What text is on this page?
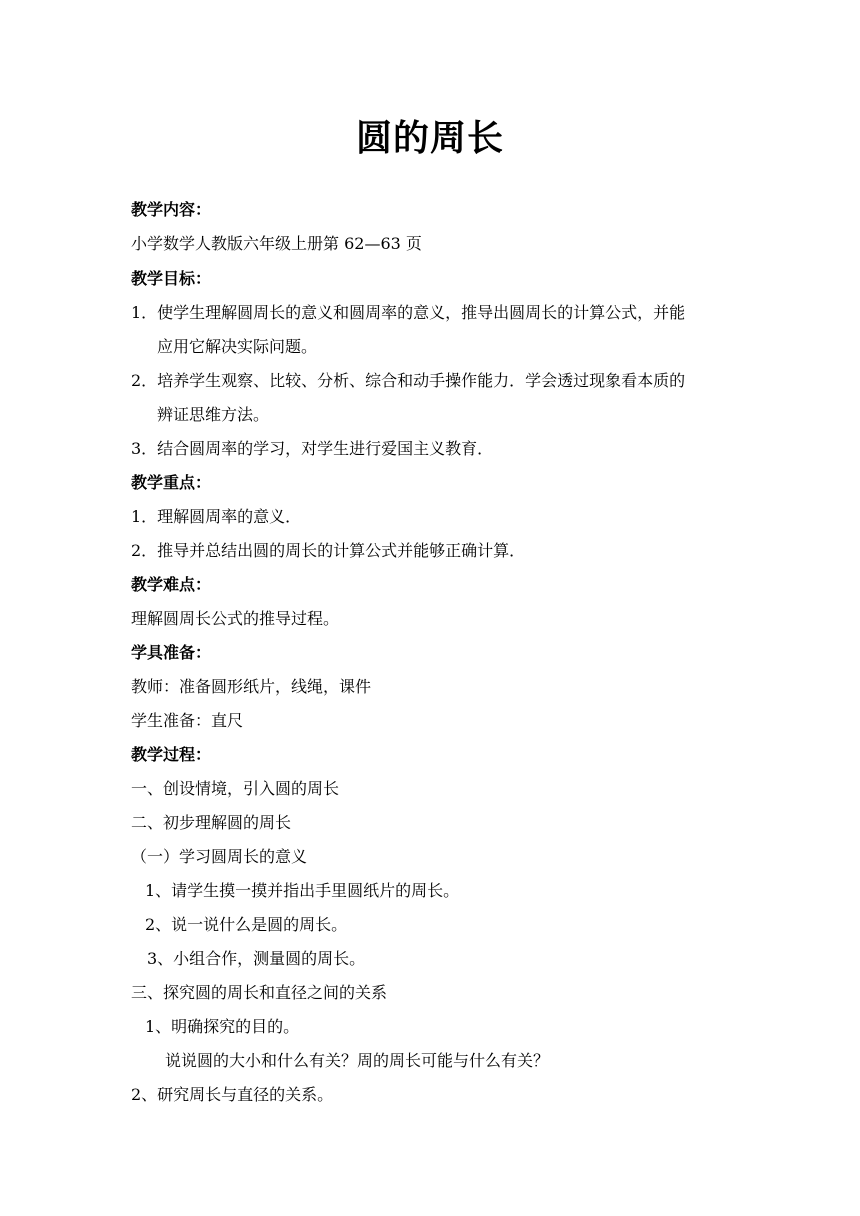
圆的周长
教学内容：
小学数学人教版六年级上册第 62—63 页
教学目标：
1．使学生理解圆周长的意义和圆周率的意义，推导出圆周长的计算公式，并能
应用它解决实际问题。
2．培养学生观察、比较、分析、综合和动手操作能力．学会透过现象看本质的
辨证思维方法。
3．结合圆周率的学习，对学生进行爱国主义教育．
教学重点：
1．理解圆周率的意义．
2．推导并总结出圆的周长的计算公式并能够正确计算．
教学难点：
理解圆周长公式的推导过程。
学具准备：
教师：准备圆形纸片，线绳，课件
学生准备：直尺
教学过程：
一、创设情境，引入圆的周长
二、初步理解圆的周长
（一）学习圆周长的意义
1、请学生摸一摸并指出手里圆纸片的周长。
2、说一说什么是圆的周长。
3、小组合作，测量圆的周长。
三、探究圆的周长和直径之间的关系
1、明确探究的目的。
说说圆的大小和什么有关？周的周长可能与什么有关？
2、研究周长与直径的关系。
